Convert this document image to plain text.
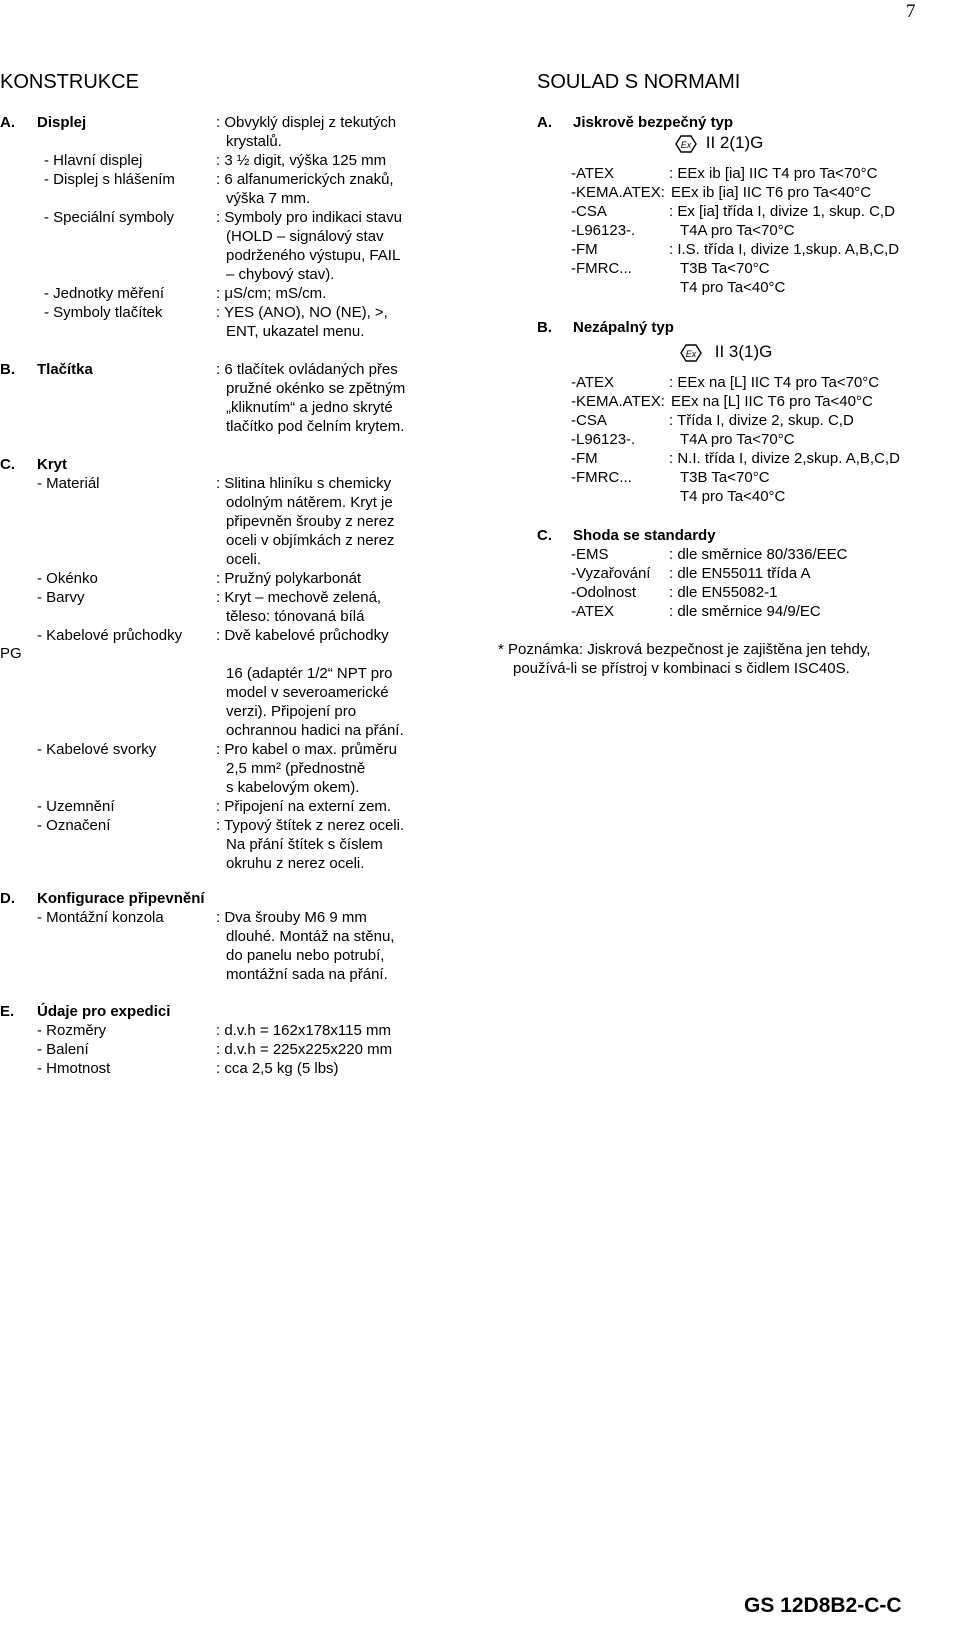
7
KONSTRUKCE
A. Displej	: Obvyklý displej z tekutých
krystalů.
- Hlavní displej	: 3 ½ digit, výška 125 mm
- Displej s hlášením	: 6 alfanumerických znaků,
výška 7 mm.
- Speciální symboly	: Symboly pro indikaci stavu
(HOLD – signálový stav
podrženého výstupu, FAIL
– chybový stav).
- Jednotky měření	: μS/cm; mS/cm.
- Symboly tlačítek	: YES (ANO), NO (NE), >,
ENT, ukazatel menu.
B. Tlačítka	: 6 tlačítek ovládaných přes
pružné okénko se zpětným
„kliknutím“ a jedno skryté
tlačítko pod čelním krytem.
C. Kryt
- Materiál	: Slitina hliníku s chemicky
odolným nátěrem. Kryt je
připevněn šrouby z nerez
oceli v objímkách z nerez
oceli.
- Okénko	: Pružný polykarbonát
- Barvy	: Kryt – mechově zelená,
těleso: tónovaná bílá
- Kabelové průchodky : Dvě kabelové průchodky
PG
16 (adaptér 1/2“ NPT pro
model v severoamerické
verzi). Připojení pro
ochrannou hadici na přání.
- Kabelové svorky	: Pro kabel o max. průměru
2,5 mm² (přednostně
s kabelovým okem).
- Uzemnění	: Připojení na externí zem.
- Označení	: Typový štítek z nerez oceli.
Na přání štítek s číslem
okruhu z nerez oceli.
D. Konfigurace připevnění
- Montážní konzola	: Dva šrouby M6 9 mm
dlouhé. Montáž na stěnu,
do panelu nebo potrubí,
montážní sada na přání.
E. Údaje pro expedici
- Rozměry	: d.v.h = 162x178x115 mm
- Balení	: d.v.h = 225x225x220 mm
- Hmotnost	: cca 2,5 kg (5 lbs)
SOULAD S NORMAMI
A. Jiskrově bezpečný typ
Ex II 2(1)G
-ATEX	: EEx ib [ia] IIC T4 pro Ta<70°C
-KEMA.ATEX: EEx ib [ia] IIC T6 pro Ta<40°C
-CSA	: Ex [ia] třída I, divize 1, skup. C,D
-L96123-.	T4A pro Ta<70°C
-FM	: I.S. třída I, divize 1,skup. A,B,C,D
-FMRC...	T3B Ta<70°C
T4 pro Ta<40°C
B. Nezápalný typ
Ex II 3(1)G
-ATEX	: EEx na [L] IIC T4 pro Ta<70°C
-KEMA.ATEX: EEx na [L] IIC T6 pro Ta<40°C
-CSA	: Třída I, divize 2, skup. C,D
-L96123-.	T4A pro Ta<70°C
-FM	: N.I. třída I, divize 2,skup. A,B,C,D
-FMRC...	T3B Ta<70°C
T4 pro Ta<40°C
C. Shoda se standardy
-EMS	: dle směrnice 80/336/EEC
-Vyzařování : dle EN55011 třída A
-Odolnost : dle EN55082-1
-ATEX	: dle směrnice 94/9/EC
* Poznámka: Jiskrová bezpečnost je zajištěna jen tehdy,
používá-li se přístroj v kombinaci s čidlem ISC40S.
GS 12D8B2-C-C
